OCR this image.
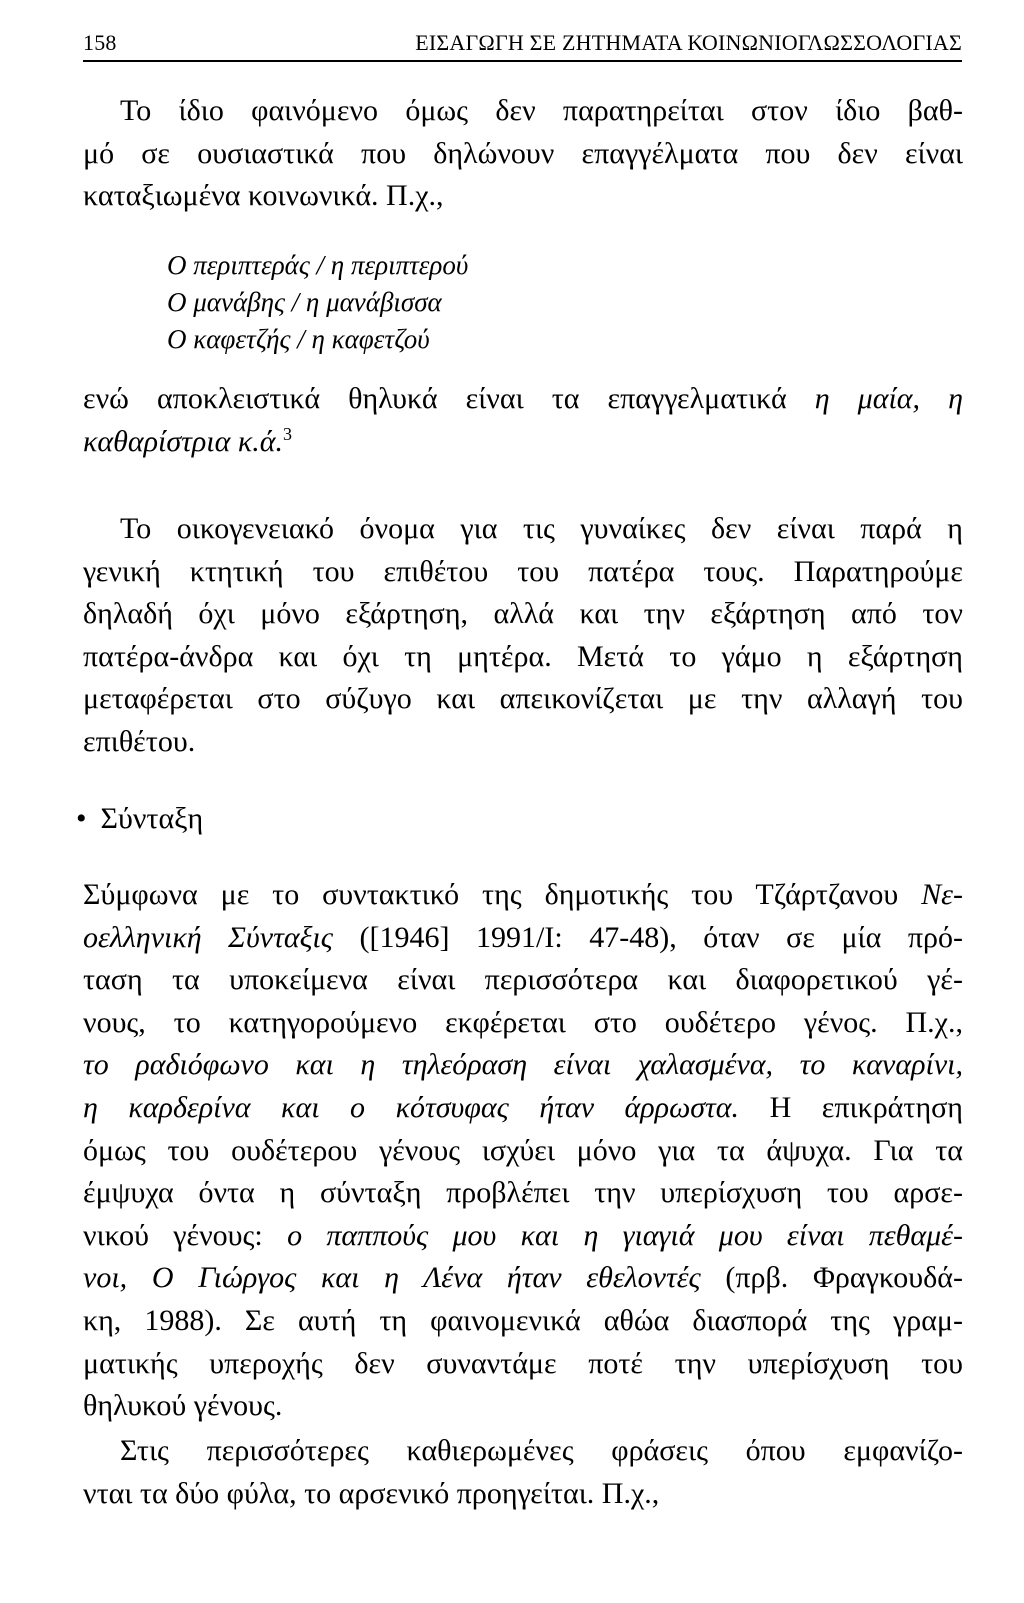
158	ΕΙΣΑΓΩΓΗ ΣΕ ΖΗΤΗΜΑΤΑ ΚΟΙΝΩΝΙΟΓΛΩΣΣΟΛΟΓΙΑΣ
Το ίδιο φαινόμενο όμως δεν παρατηρείται στον ίδιο βαθ-
μό σε ουσιαστικά που δηλώνουν επαγγέλματα που δεν είναι
καταξιωμένα κοινωνικά. Π.χ.,
Ο περιπτεράς / η περιπτερού
Ο μανάβης / η μανάβισσα
Ο καφετζής / η καφετζού
ενώ αποκλειστικά θηλυκά είναι τα επαγγελματικά η μαία, η
καθαρίστρια κ.ά.$^3$
Το οικογενειακό όνομα για τις γυναίκες δεν είναι παρά η
γενική κτητική του επιθέτου του πατέρα τους. Παρατηρούμε
δηλαδή όχι μόνο εξάρτηση, αλλά και την εξάρτηση από τον
πατέρα-άνδρα και όχι τη μητέρα. Μετά το γάμο η εξάρτηση
μεταφέρεται στο σύζυγο και απεικονίζεται με την αλλαγή του
επιθέτου.
• Σύνταξη
Σύμφωνα με το συντακτικό της δημοτικής του Τζάρτζανου Νε-
οελληνική Σύνταξις ([1946] 1991/Ι: 47-48), όταν σε μία πρό-
ταση τα υποκείμενα είναι περισσότερα και διαφορετικού γέ-
νους, το κατηγορούμενο εκφέρεται στο ουδέτερο γένος. Π.χ.,
το ραδιόφωνο και η τηλεόραση είναι χαλασμένα, το καναρίνι,
η καρδερίνα και ο κότσυφας ήταν άρρωστα. Η επικράτηση
όμως του ουδέτερου γένους ισχύει μόνο για τα άψυχα. Για τα
έμψυχα όντα η σύνταξη προβλέπει την υπερίσχυση του αρσε-
νικού γένους: ο παππούς μου και η γιαγιά μου είναι πεθαμέ-
νοι, Ο Γιώργος και η Λένα ήταν εθελοντές (πρβ. Φραγκουδά-
κη, 1988). Σε αυτή τη φαινομενικά αθώα διασπορά της γραμ-
ματικής υπεροχής δεν συναντάμε ποτέ την υπερίσχυση του
θηλυκού γένους.
Στις περισσότερες καθιερωμένες φράσεις όπου εμφανίζο-
νται τα δύο φύλα, το αρσενικό προηγείται. Π.χ.,
